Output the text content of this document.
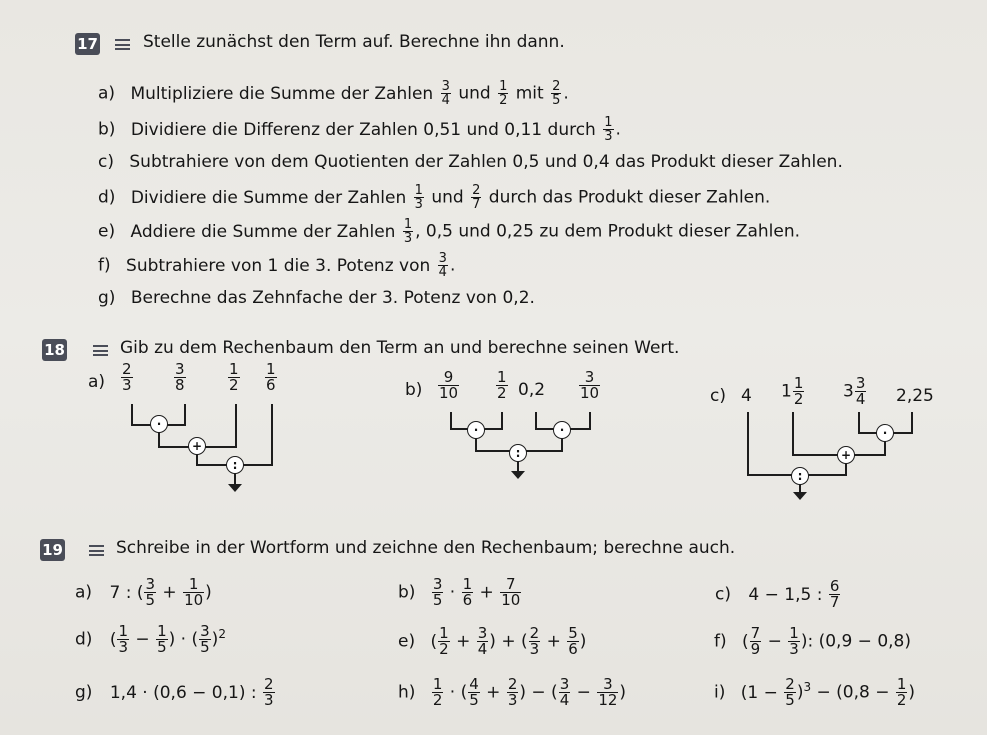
17	Stelle zunächst den Term auf. Berechne ihn dann.
a) Multipliziere die Summe der Zahlen $\frac{3}{4}$ und $\frac{1}{2}$ mit $\frac{2}{5}$ .
b) Dividiere die Differenz der Zahlen 0,51 und 0,11 durch $\frac{1}{3}$ .
c) Subtrahiere von dem Quotienten der Zahlen 0,5 und 0,4 das Produkt dieser Zahlen.
d) Dividiere die Summe der Zahlen $\frac{1}{3}$ und $\frac{2}{7}$ durch das Produkt dieser Zahlen.
e) Addiere die Summe der Zahlen $\frac{1}{3}$ , 0,5 und 0,25 zu dem Produkt dieser Zahlen.
f) Subtrahiere von 1 die 3. Potenz von $\frac{3}{4}$ .
g) Berechne das Zehnfache der 3. Potenz von 0,2.
18	Gib zu dem Rechenbaum den Term an und berechne seinen Wert.
$a) \frac{2}{3}$	$\frac{3}{8}$	$\frac{1}{2} \frac{1}{6}$
·
+
:
$b) \frac{9}{10} \frac{1}{2} 0,2 \frac{3}{10}$
·	·
:
c) 4 $1 \frac{1}{2} 3 \frac{3}{4} 2,25$
·
+
:
19	Schreibe in der Wortform und zeichne den Rechenbaum; berechne auch.
a) 7 : ( $\frac{3}{5} + \frac{1}{10}$ )	$b) \frac{3}{5} \cdot \frac{1}{6} + \frac{7}{10}$	c) 4 − 1,5 : $\frac{6}{7}$
d) ( $\frac{1}{3} - \frac{1}{5}$ ) · ( $\frac{3}{5} )^2$	e) ( $\frac{1}{2} + \frac{3}{4}$ ) + ( $\frac{2}{3} + \frac{5}{6}$ )	f) ( $\frac{7}{9} - \frac{1}{3}$ ): (0,9 − 0,8)
g) 1,4 · (0,6 − 0,1) : $\frac{2}{3}$	$h) \frac{1}{2}$ · ( $\frac{4}{5} + \frac{2}{3}$ ) − ( $\frac{3}{4} - \frac{3}{12}$ )	i) $(1 - \frac{2}{5} )^3 - (0,8 - \frac{1}{2}$ )
